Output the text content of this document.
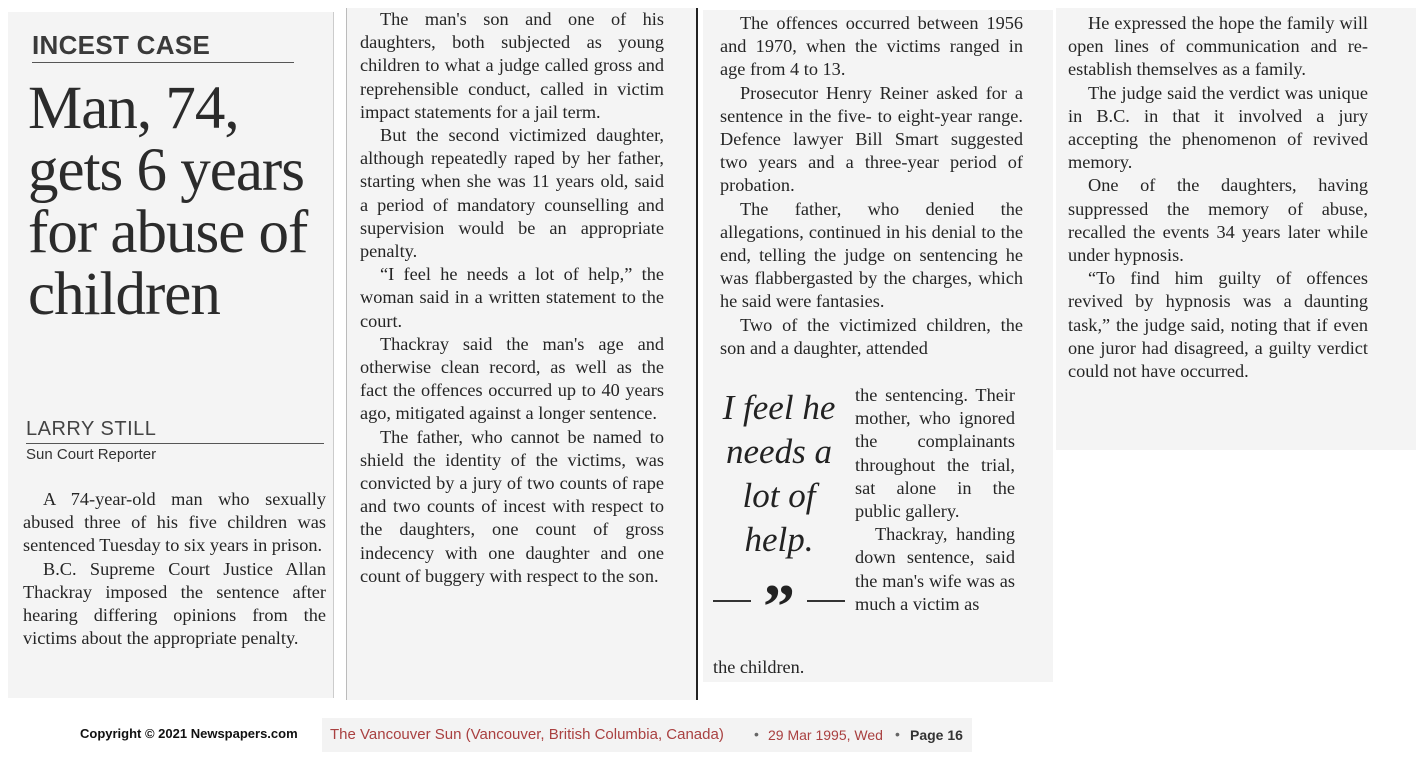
INCEST CASE
Man, 74, gets 6 years for abuse of children
LARRY STILL
Sun Court Reporter

A 74-year-old man who sexually abused three of his five children was sentenced Tuesday to six years in prison.

B.C. Supreme Court Justice Allan Thackray imposed the sentence after hearing differing opinions from the victims about the appropriate penalty.

The man's son and one of his daughters, both subjected as young children to what a judge called gross and reprehensible conduct, called in victim impact statements for a jail term.

But the second victimized daughter, although repeatedly raped by her father, starting when she was 11 years old, said a period of mandatory counselling and supervision would be an appropriate penalty.

“I feel he needs a lot of help,” the woman said in a written statement to the court.

Thackray said the man's age and otherwise clean record, as well as the fact the offences occurred up to 40 years ago, mitigated against a longer sentence.

The father, who cannot be named to shield the identity of the victims, was convicted by a jury of two counts of rape and two counts of incest with respect to the daughters, one count of gross indecency with one daughter and one count of buggery with respect to the son.

The offences occurred between 1956 and 1970, when the victims ranged in age from 4 to 13.

Prosecutor Henry Reiner asked for a sentence in the five- to eight-year range. Defence lawyer Bill Smart suggested two years and a three-year period of probation.

The father, who denied the allegations, continued in his denial to the end, telling the judge on sentencing he was flabbergasted by the charges, which he said were fantasies.

Two of the victimized children, the son and a daughter, attended

I feel he needs a lot of help.
”

the sentencing. Their mother, who ignored the complainants throughout the trial, sat alone in the public gallery.

Thackray, handing down sentence, said the man's wife was as much a victim as

the children.

He expressed the hope the family will open lines of communication and re-establish themselves as a family.

The judge said the verdict was unique in B.C. in that it involved a jury accepting the phenomenon of revived memory.

One of the daughters, having suppressed the memory of abuse, recalled the events 34 years later while under hypnosis.

“To find him guilty of offences revived by hypnosis was a daunting task,” the judge said, noting that if even one juror had disagreed, a guilty verdict could not have occurred.

Copyright © 2021 Newspapers.com The Vancouver Sun (Vancouver, British Columbia, Canada) • 29 Mar 1995, Wed • Page 16
